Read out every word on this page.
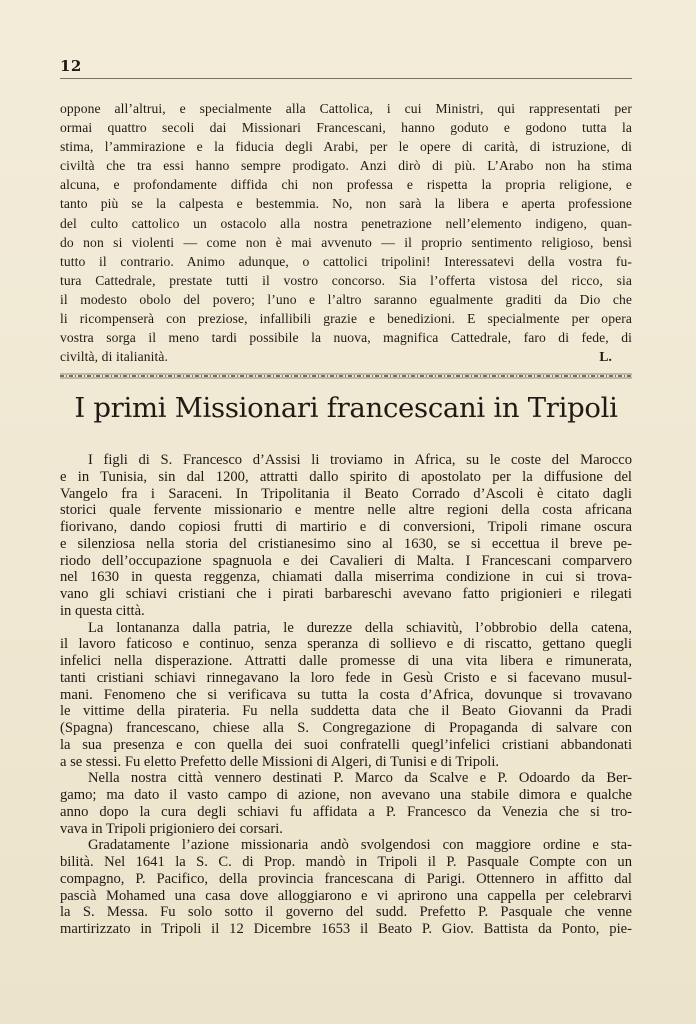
12
oppone all’altrui, e specialmente alla Cattolica, i cui Ministri, qui rappresentati per
ormai quattro secoli dai Missionari Francescani, hanno goduto e godono tutta la
stima, l’ammirazione e la fiducia degli Arabi, per le opere di carità, di istruzione, di
civiltà che tra essi hanno sempre prodigato. Anzi dirò di più. L’Arabo non ha stima
alcuna, e profondamente diffida chi non professa e rispetta la propria religione, e
tanto più se la calpesta e bestemmia. No, non sarà la libera e aperta professione
del culto cattolico un ostacolo alla nostra penetrazione nell’elemento indigeno, quan-
do non si violenti — come non è mai avvenuto — il proprio sentimento religioso, bensì
tutto il contrario. Animo adunque, o cattolici tripolini! Interessatevi della vostra fu-
tura Cattedrale, prestate tutti il vostro concorso. Sia l’offerta vistosa del ricco, sia
il modesto obolo del povero; l’uno e l’altro saranno egualmente graditi da Dio che
li ricompenserà con preziose, infallibili grazie e benedizioni. E specialmente per opera
vostra sorga il meno tardi possibile la nuova, magnifica Cattedrale, faro di fede, di
civiltà, di italianità.	L.
I primi Missionari francescani in Tripoli
I figli di S. Francesco d’Assisi li troviamo in Africa, su le coste del Marocco
e in Tunisia, sin dal 1200, attratti dallo spirito di apostolato per la diffusione del
Vangelo fra i Saraceni. In Tripolitania il Beato Corrado d’Ascoli è citato dagli
storici quale fervente missionario e mentre nelle altre regioni della costa africana
fiorivano, dando copiosi frutti di martirio e di conversioni, Tripoli rimane oscura
e silenziosa nella storia del cristianesimo sino al 1630, se si eccettua il breve pe-
riodo dell’occupazione spagnuola e dei Cavalieri di Malta. I Francescani comparvero
nel 1630 in questa reggenza, chiamati dalla miserrima condizione in cui si trova-
vano gli schiavi cristiani che i pirati barbareschi avevano fatto prigionieri e rilegati
in questa città.
La lontananza dalla patria, le durezze della schiavitù, l’obbrobio della catena,
il lavoro faticoso e continuo, senza speranza di sollievo e di riscatto, gettano quegli
infelici nella disperazione. Attratti dalle promesse di una vita libera e rimunerata,
tanti cristiani schiavi rinnegavano la loro fede in Gesù Cristo e si facevano musul-
mani. Fenomeno che si verificava su tutta la costa d’Africa, dovunque si trovavano
le vittime della pirateria. Fu nella suddetta data che il Beato Giovanni da Pradi
(Spagna) francescano, chiese alla S. Congregazione di Propaganda di salvare con
la sua presenza e con quella dei suoi confratelli quegl’infelici cristiani abbandonati
a se stessi. Fu eletto Prefetto delle Missioni di Algeri, di Tunisi e di Tripoli.
Nella nostra città vennero destinati P. Marco da Scalve e P. Odoardo da Ber-
gamo; ma dato il vasto campo di azione, non avevano una stabile dimora e qualche
anno dopo la cura degli schiavi fu affidata a P. Francesco da Venezia che si tro-
vava in Tripoli prigioniero dei corsari.
Gradatamente l’azione missionaria andò svolgendosi con maggiore ordine e sta-
bilità. Nel 1641 la S. C. di Prop. mandò in Tripoli il P. Pasquale Compte con un
compagno, P. Pacifico, della provincia francescana di Parigi. Ottennero in affitto dal
pascià Mohamed una casa dove alloggiarono e vi aprirono una cappella per celebrarvi
la S. Messa. Fu solo sotto il governo del sudd. Prefetto P. Pasquale che venne
martirizzato in Tripoli il 12 Dicembre 1653 il Beato P. Giov. Battista da Ponto, pie-
